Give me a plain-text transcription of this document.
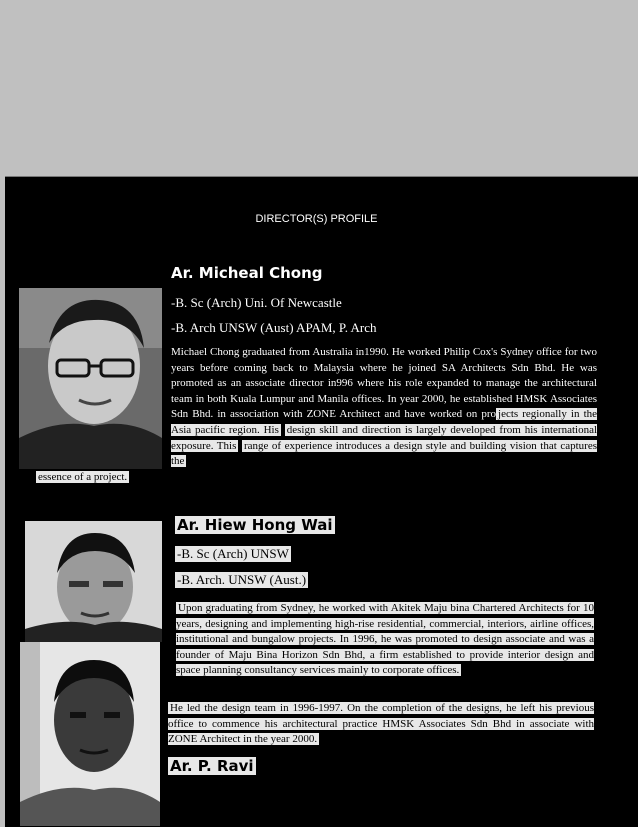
DIRECTOR(S) PROFILE
Ar. Micheal Chong
-B. Sc (Arch) Uni. Of Newcastle
-B. Arch UNSW (Aust) APAM, P. Arch
Michael Chong graduated from Australia in1990. He worked Philip Cox's Sydney office for two years before coming back to Malaysia where he joined SA Architects Sdn Bhd. He was promoted as an associate director in996 where his role expanded to manage the architectural team in both Kuala Lumpur and Manila offices. In year 2000, he established HMSK Associates Sdn Bhd. in association with ZONE Architect and have worked on pro jects regionally in the Asia pacific region. His design skill and direction is largely developed from his international exposure. This range of experience introduces a design style and building vision that captures the
essence of a project.
Ar. Hiew Hong Wai
-B. Sc (Arch) UNSW
-B. Arch. UNSW (Aust.)
Upon graduating from Sydney, he worked with Akitek Maju bina Chartered Architects for 10 years, designing and implementing high-rise residential, commercial, interiors, airline offices, institutional and bungalow projects. In 1996, he was promoted to design associate and was a founder of Maju Bina Horizon Sdn Bhd, a firm established to provide interior design and space planning consultancy services mainly to corporate offices.
He led the design team in 1996-1997. On the completion of the designs, he left his previous office to commence his architectural practice HMSK Associates Sdn Bhd in associate with ZONE Architect in the year 2000.
Ar. P. Ravi
